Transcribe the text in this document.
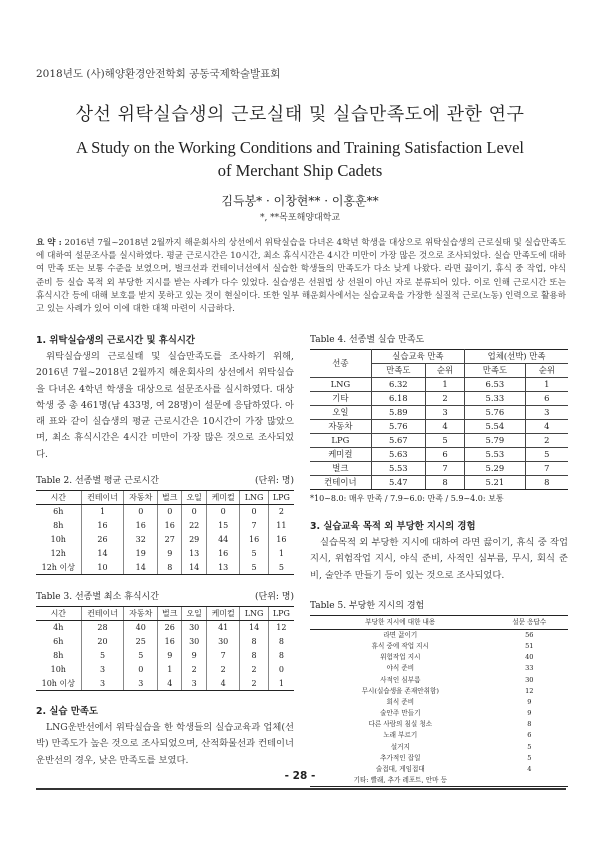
2018년도 (사)해양환경안전학회 공동국제학술발표회
상선 위탁실습생의 근로실태 및 실습만족도에 관한 연구
A Study on the Working Conditions and Training Satisfaction Level
of Merchant Ship Cadets
김득봉* · 이창현** · 이홍훈**
*, **목포해양대학교
요 약 : 2016년 7월~2018년 2월까지 해운회사의 상선에서 위탁실습을 다녀온 4학년 학생을 대상으로 위탁실습생의 근로실태 및 실습만족도에 대하여 설문조사를 실시하였다. 평균 근로시간은 10시간, 최소 휴식시간은 4시간 미만이 가장 많은 것으로 조사되었다. 실습 만족도에 대하여 만족 또는 보통 수준을 보였으며, 벌크선과 컨테이너선에서 실습한 학생들의 만족도가 다소 낮게 나왔다. 라면 끓이기, 휴식 중 작업, 야식 준비 등 실습 목적 외 부당한 지시를 받는 사례가 다수 있었다. 실습생은 선원법 상 선원이 아닌 자로 분류되어 있다. 이로 인해 근로시간 또는 휴식시간 등에 대해 보호를 받지 못하고 있는 것이 현실이다. 또한 일부 해운회사에서는 실습교육을 가장한 실질적 근로(노동) 인력으로 활용하고 있는 사례가 있어 이에 대한 대책 마련이 시급하다.
1. 위탁실습생의 근로시간 및 휴식시간
위탁실습생의 근로실태 및 실습만족도를 조사하기 위해, 2016년 7월~2018년 2월까지 해운회사의 상선에서 위탁실습을 다녀온 4학년 학생을 대상으로 설문조사를 실시하였다. 대상 학생 중 총 461명(남 433명, 여 28명)이 설문에 응답하였다. 아래 표와 같이 실습생의 평균 근로시간은 10시간이 가장 많았으며, 최소 휴식시간은 4시간 미만이 가장 많은 것으로 조사되었다.
Table 2. 선종별 평균 근로시간	(단위: 명)
시간	컨테이너	자동차	벌크	오일	케미컬	LNG	LPG
6h	1	0	0	0	0	0	2
8h	16	16	16	22	15	7	11
10h	26	32	27	29	44	16	16
12h	14	19	9	13	16	5	1
12h 이상	10	14	8	14	13	5	5
Table 3. 선종별 최소 휴식시간	(단위: 명)
시간	컨테이너	자동차	벌크	오일	케미컬	LNG	LPG
4h	28	40	26	30	41	14	12
6h	20	25	16	30	30	8	8
8h	5	5	9	9	7	8	8
10h	3	0	1	2	2	2	0
10h 이상	3	3	4	3	4	2	1
2. 실습 만족도
LNG운반선에서 위탁실습을 한 학생들의 실습교육과 업체(선박) 만족도가 높은 것으로 조사되었으며, 산적화물선과 컨테이너운반선의 경우, 낮은 만족도를 보였다.
Table 4. 선종별 실습 만족도
선종	실습교육 만족		업체(선박) 만족	
	만족도	순위	만족도	순위
LNG	6.32	1	6.53	1
기타	6.18	2	5.33	6
오일	5.89	3	5.76	3
자동차	5.76	4	5.54	4
LPG	5.67	5	5.79	2
케미컬	5.63	6	5.53	5
벌크	5.53	7	5.29	7
컨테이너	5.47	8	5.21	8
*10~8.0: 매우 만족 / 7.9~6.0: 만족 / 5.9~4.0: 보통
3. 실습교육 목적 외 부당한 지시의 경험
실습목적 외 부당한 지시에 대하여 라면 끓이기, 휴식 중 작업지시, 위험작업 지시, 야식 준비, 사적인 심부름, 무시, 회식 준비, 술안주 만들기 등이 있는 것으로 조사되었다.
Table 5. 부당한 지시의 경험
부당한 지시에 대한 내용	설문 응답수
라면 끓이기	56
휴식 중에 작업 지시	51
위험작업 지시	40
야식 준비	33
사적인 심부름	30
무시(실습생을 존재안취함)	12
회식 준비	9
술안주 만들기	9
다른 사람의 침실 청소	8
노래 부르기	6
설거지	5
추가적인 잡일	5
술접대, 게임접대	4
기타: 빨래, 추가 레포트, 안마 등	
- 28 -
